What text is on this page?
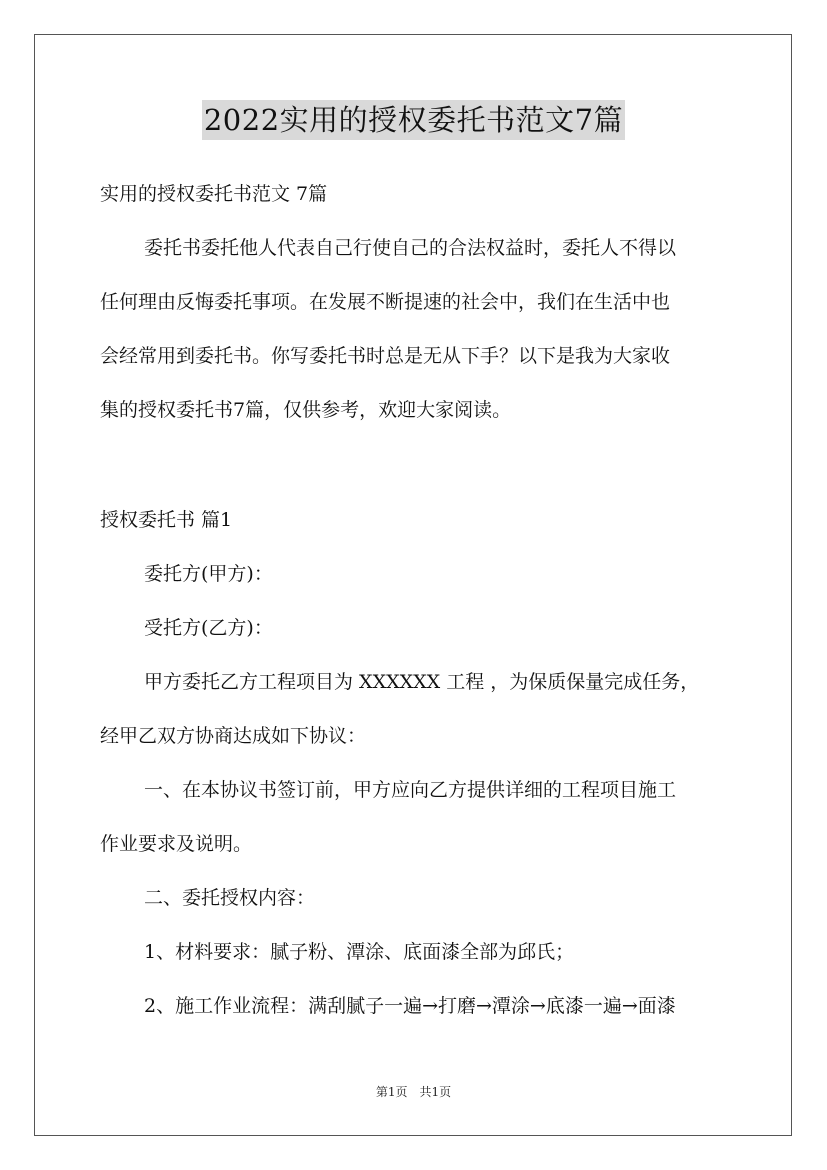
2022实用的授权委托书范文7篇
实用的授权委托书范文 7篇
委托书委托他人代表自己行使自己的合法权益时，委托人不得以
任何理由反悔委托事项。在发展不断提速的社会中，我们在生活中也
会经常用到委托书。你写委托书时总是无从下手？以下是我为大家收
集的授权委托书7篇，仅供参考，欢迎大家阅读。
授权委托书 篇1
委托方(甲方)：
受托方(乙方)：
甲方委托乙方工程项目为 XXXXXX 工程 ，为保质保量完成任务，
经甲乙双方协商达成如下协议：
一、在本协议书签订前，甲方应向乙方提供详细的工程项目施工
作业要求及说明。
二、委托授权内容：
1、材料要求：腻子粉、潭涂、底面漆全部为邱氏；
2、施工作业流程：满刮腻子一遍→打磨→潭涂→底漆一遍→面漆
第1页　共1页
